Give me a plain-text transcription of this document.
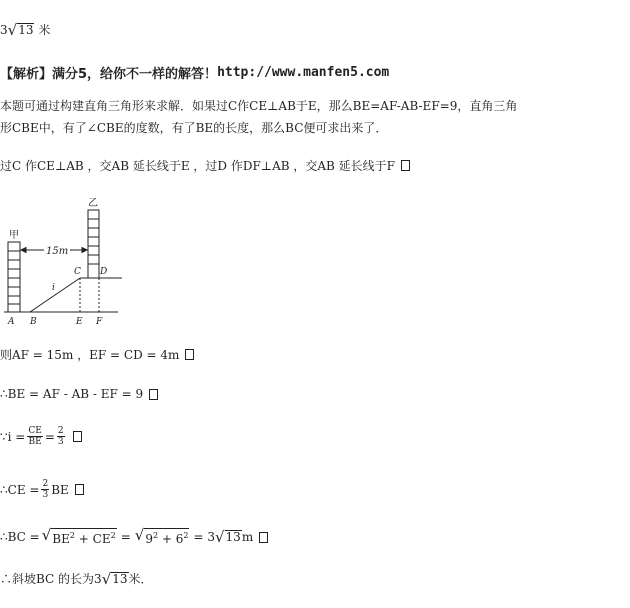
3 √ 13 米
【解析】 满分5，给你不一样的解答！ http://www.manfen5.com
本题可通过构建直角三角形来求解．如果过C作CE⊥AB于E，那么BE=AF-AB-EF=9，直角三角
形CBE中，有了∠CBE的度数，有了BE的长度，那么BC便可求出来了．
过C 作CE⊥AB ，交AB 延长线于E ，过D 作DF⊥AB ，交AB 延长线于F
15m
甲
乙
C D
i
A B	E F
则AF = 15m ，EF = CD = 4m
∴BE = AF - AB - EF = 9
∵i = $\frac{CE}{BE} = \frac{2}{3}$
∴CE = $\frac{2}{3}$ BE
∴BC = √ $BE^2 + CE^2$ = √ $9^2 + 6^2 = 3$ √ 13 m
∴斜坡BC 的长为3 √ 13 米．
